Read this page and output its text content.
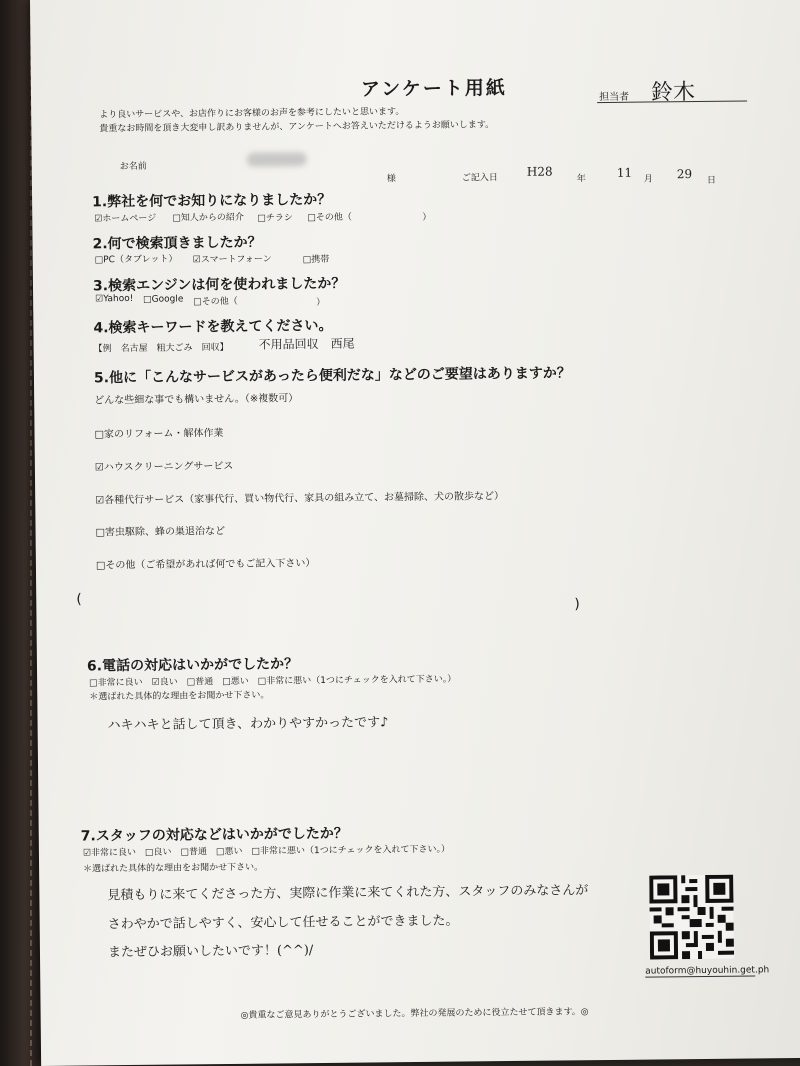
アンケート用紙	担当者 鈴木
より良いサービスや、お店作りにお客様のお声を参考にしたいと思います。
貴重なお時間を頂き大変申し訳ありませんが、アンケートへお答えいただけるようお願いします。
お名前
様	ご記入日 H28
年	11 月 29 日
1.弊社を何でお知りになりましたか？
☑ホームページ □知人からの紹介 □チラシ □その他（	）
2.何で検索頂きましたか？
□PC（タブレット） ☑スマートフォーン	□携帯
3.検索エンジンは何を使われましたか？
☑Yahoo! □Google □その他（	）
4.検索キーワードを教えてください。
【例　名古屋　粗大ごみ　回収】 不用品回収　西尾
5.他に「こんなサービスがあったら便利だな」などのご要望はありますか？
どんな些細な事でも構いません。（※複数可）
□家のリフォーム・解体作業
☑ハウスクリーニングサービス
☑各種代行サービス（家事代行、買い物代行、家具の組み立て、お墓掃除、犬の散歩など）
□害虫駆除、蜂の巣退治など
□その他（ご希望があれば何でもご記入下さい）
(	)
6.電話の対応はいかがでしたか？
□非常に良い　☑良い　□普通　□悪い　□非常に悪い（1つにチェックを入れて下さい。）
＊選ばれた具体的な理由をお聞かせ下さい。
ハキハキと話して頂き、わかりやすかったです♪
7.スタッフの対応などはいかがでしたか？
☑非常に良い　□良い　□普通　□悪い　□非常に悪い（1つにチェックを入れて下さい。）
＊選ばれた具体的な理由をお聞かせ下さい。
見積もりに来てくださった方、実際に作業に来てくれた方、スタッフのみなさんが
さわやかで話しやすく、安心して任せることができました。
またぜひお願いしたいです！(^^)/
autoform@huyouhin.get.ph
◎貴重なご意見ありがとうございました。弊社の発展のために役立たせて頂きます。◎
